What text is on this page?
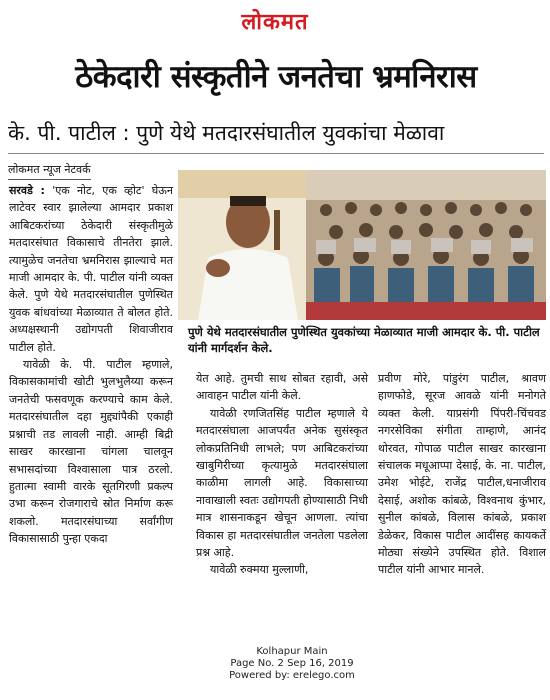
लोकमत
ठेकेदारी संस्कृतीने जनतेचा भ्रमनिरास
के. पी. पाटील : पुणे येथे मतदारसंघातील युवकांचा मेळावा
लोकमत न्यूज नेटवर्क

सरवडे : 'एक नोट, एक व्होट' घेऊन लाटेवर स्वार झालेल्या आमदार प्रकाश आबिटकरांच्या ठेकेदारी संस्कृतीमुळे मतदारसंघात विकासाचे तीनतेरा झाले. त्यामुळेच जनतेचा भ्रमनिरास झाल्याचे मत माजी आमदार के. पी. पाटील यांनी व्यक्त केले. पुणे येथे मतदारसंघातील पुणेस्थित युवक बांधवांच्या मेळाव्यात ते बोलत होते. अध्यक्षस्थानी उद्योगपती शिवाजीराव पाटील होते.

यावेळी के. पी. पाटील म्हणाले, विकासकामांची खोटी भुलभुलैय्या करून जनतेची फसवणूक करण्याचे काम केले. मतदारसंघातील दहा मुद्द्यांपैकी एकाही प्रश्नाची तड लावली नाही. आम्ही बिद्री साखर कारखाना चांगला चालवून सभासदांच्या विश्वासाला पात्र ठरलो. हुतात्मा स्वामी वारके सूतगिरणी प्रकल्प उभा करून रोजगाराचे स्रोत निर्माण करू शकलो. मतदारसंघाच्या सर्वांगीण विकासासाठी पुन्हा एकदा

पुणे येथे मतदारसंघातील पुणेस्थित युवकांच्या मेळाव्यात माजी आमदार के. पी. पाटील यांनी मार्गदर्शन केले.

येत आहे. तुमची साथ सोबत रहावी, असे आवाहन पाटील यांनी केले.

यावेळी रणजितसिंह पाटील म्हणाले ये मतदारसंघाला आजपर्यंत अनेक सुसंस्कृत लोकप्रतिनिधी लाभले; पण आबिटकरांच्या खाबुगिरीच्या कृत्यामुळे मतदारसंघाला काळीमा लागली आहे. विकासाच्या नावाखाली स्वतः उद्योगपती होण्यासाठी निधी मात्र शासनाकडून खेचून आणला. त्यांचा विकास हा मतदारसंघातील जनतेला पडलेला प्रश्न आहे.

यावेळी रुक्मया मुल्लाणी,

प्रवीण मोरे, पांडुरंग पाटील, श्रावण हाणफोडे, सूरज आवळे यांनी मनोगते व्यक्त केली. याप्रसंगी पिंपरी-चिंचवड नगरसेविका संगीता ताम्हाणे, आनंद थोरवत, गोपाळ पाटील साखर कारखाना संचालक मधूआप्पा देसाई, के. ना. पाटील, उमेश भोईटे, राजेंद्र पाटील,धनाजीराव देसाई, अशोक कांबळे, विश्वनाथ कुंभार, सुनील कांबळे, विलास कांबळे, प्रकाश डेळेकर, विकास पाटील आदींसह कायकर्ते मोठ्या संख्येने उपस्थित होते. विशाल पाटील यांनी आभार मानले.

Kolhapur Main
Page No. 2 Sep 16, 2019
Powered by: erelego.com
